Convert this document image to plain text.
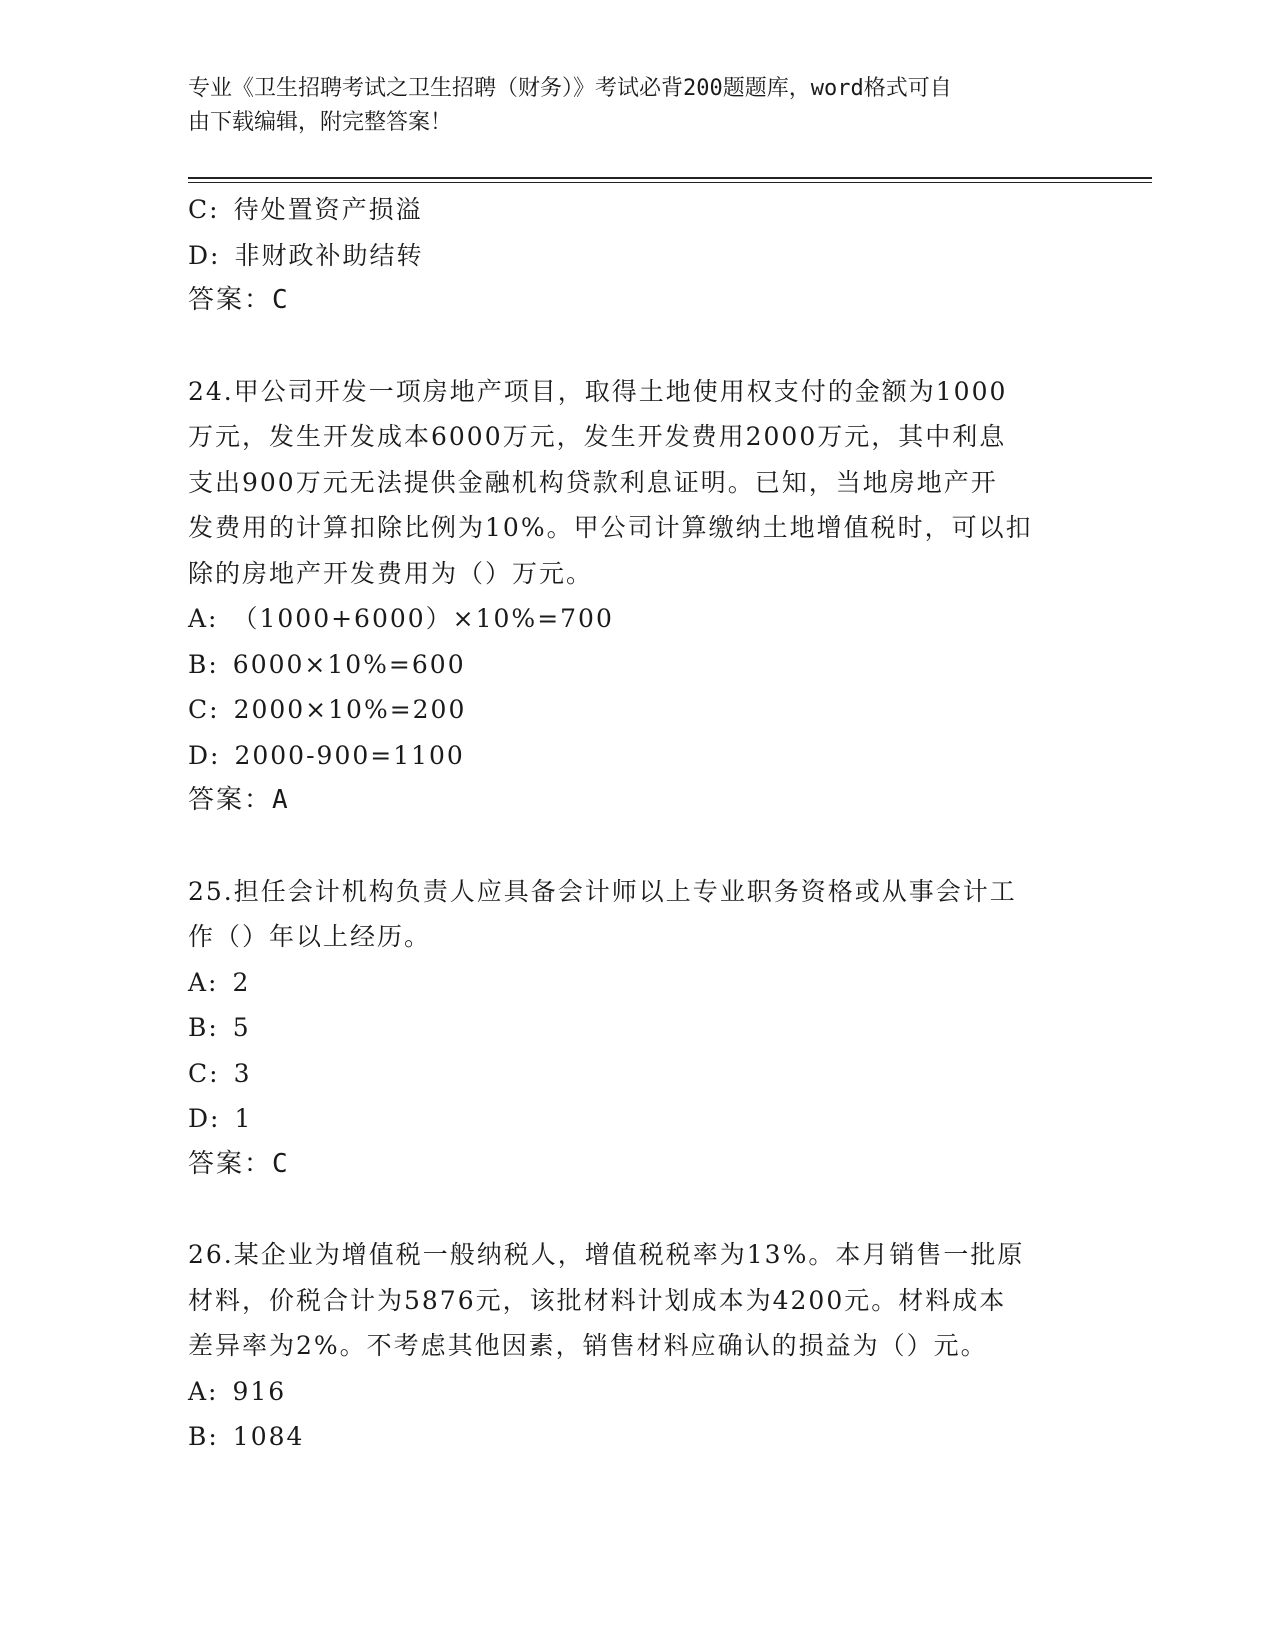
专业《卫生招聘考试之卫生招聘（财务）》考试必背200题题库，word格式可自
由下载编辑，附完整答案！
C: 待处置资产损溢
D: 非财政补助结转
答案：C
24.甲公司开发一项房地产项目，取得土地使用权支付的金额为1000
万元，发生开发成本6000万元，发生开发费用2000万元，其中利息
支出900万元无法提供金融机构贷款利息证明。已知，当地房地产开
发费用的计算扣除比例为10%。甲公司计算缴纳土地增值税时，可以扣
除的房地产开发费用为（）万元。
A: （1000+6000）×10%=700
B: 6000×10%=600
C: 2000×10%=200
D: 2000-900=1100
答案：A
25.担任会计机构负责人应具备会计师以上专业职务资格或从事会计工
作（）年以上经历。
A: 2
B: 5
C: 3
D: 1
答案：C
26.某企业为增值税一般纳税人，增值税税率为13%。本月销售一批原
材料，价税合计为5876元，该批材料计划成本为4200元。材料成本
差异率为2%。不考虑其他因素，销售材料应确认的损益为（）元。
A: 916
B: 1084
